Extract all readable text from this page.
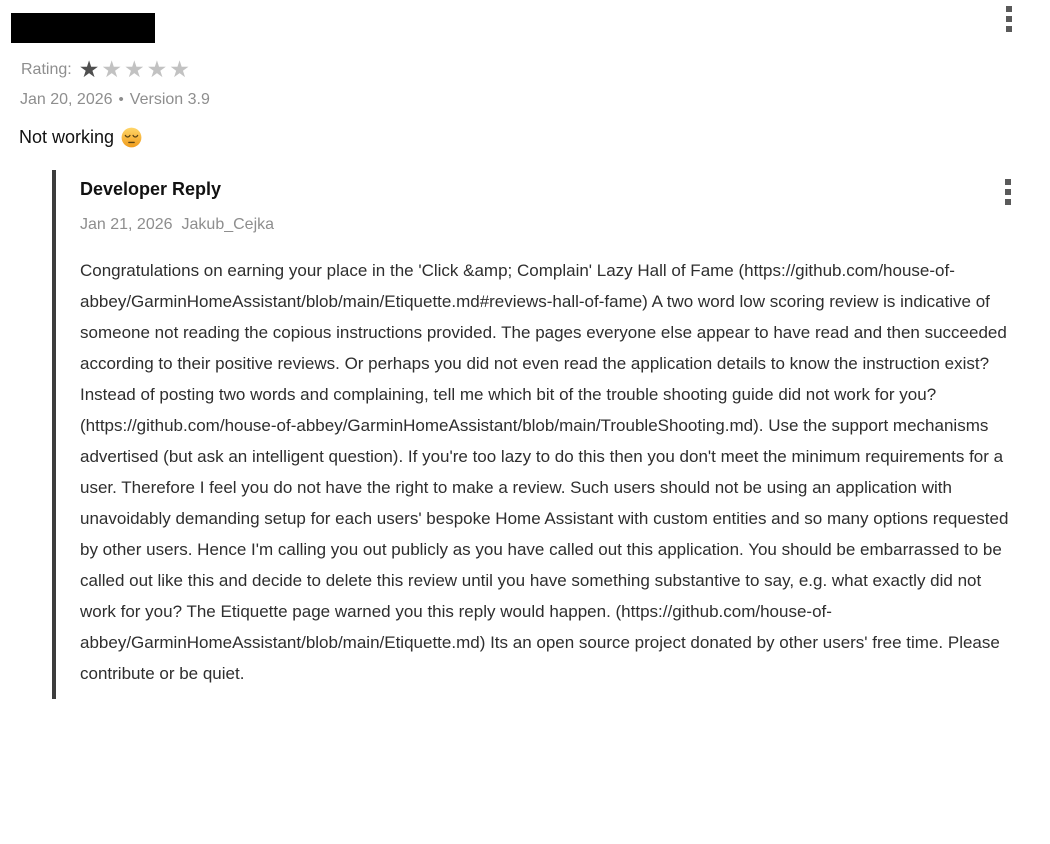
Rating: ★ ★ ★ ★ ★
Jan 20, 2026 • Version 3.9
Not working
Developer Reply
Jan 21, 2026 Jakub_Cejka

Congratulations on earning your place in the 'Click &amp; Complain' Lazy Hall of Fame (https://github.com/house-of-abbey/GarminHomeAssistant/blob/main/Etiquette.md#reviews-hall-of-fame) A two word low scoring review is indicative of someone not reading the copious instructions provided. The pages everyone else appear to have read and then succeeded according to their positive reviews. Or perhaps you did not even read the application details to know the instruction exist? Instead of posting two words and complaining, tell me which bit of the trouble shooting guide did not work for you? (https://github.com/house-of-abbey/GarminHomeAssistant/blob/main/TroubleShooting.md). Use the support mechanisms advertised (but ask an intelligent question). If you're too lazy to do this then you don't meet the minimum requirements for a user. Therefore I feel you do not have the right to make a review. Such users should not be using an application with unavoidably demanding setup for each users' bespoke Home Assistant with custom entities and so many options requested by other users. Hence I'm calling you out publicly as you have called out this application. You should be embarrassed to be called out like this and decide to delete this review until you have something substantive to say, e.g. what exactly did not work for you? The Etiquette page warned you this reply would happen. (https://github.com/house-of-abbey/GarminHomeAssistant/blob/main/Etiquette.md) Its an open source project donated by other users' free time. Please contribute or be quiet.
